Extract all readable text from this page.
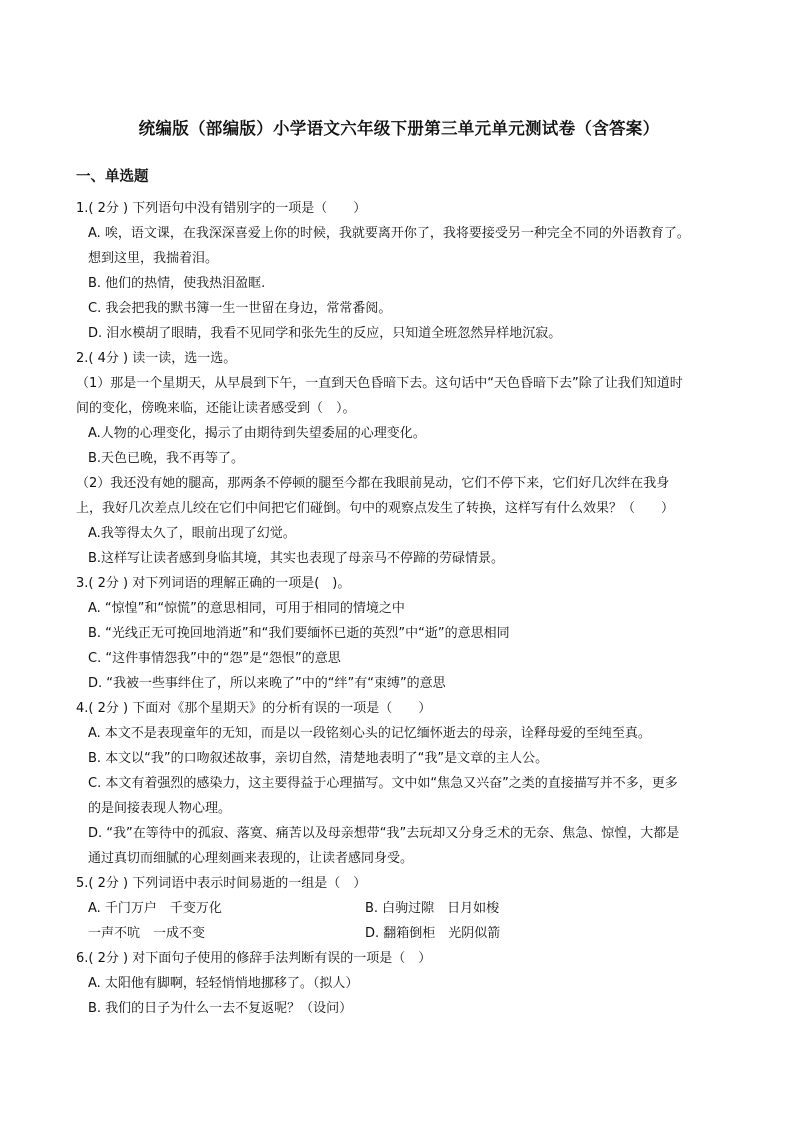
统编版（部编版）小学语文六年级下册第三单元单元测试卷（含答案）
一、单选题
1.( 2分 ) 下列语句中没有错别字的一项是（　　）
A. 唉，语文课，在我深深喜爱上你的时候，我就要离开你了，我将要接受另一种完全不同的外语教育了。
想到这里，我揣着泪。
B. 他们的热情，使我热泪盈眶.
C. 我会把我的默书簿一生一世留在身边，常常番阅。
D. 泪水模胡了眼睛，我看不见同学和张先生的反应，只知道全班忽然异样地沉寂。
2.( 4分 ) 读一读，选一选。
（1）那是一个星期天，从早晨到下午，一直到天色昏暗下去。这句话中“天色昏暗下去”除了让我们知道时
间的变化，傍晚来临，还能让读者感受到（　）。
A.人物的心理变化，揭示了由期待到失望委屈的心理变化。
B.天色已晚，我不再等了。
（2）我还没有她的腿高，那两条不停顿的腿至今都在我眼前晃动，它们不停下来，它们好几次绊在我身
上，我好几次差点儿绞在它们中间把它们碰倒。句中的观察点发生了转换，这样写有什么效果？（　　）
A.我等得太久了，眼前出现了幻觉。
B.这样写让读者感到身临其境，其实也表现了母亲马不停蹄的劳碌情景。
3.( 2分 ) 对下列词语的理解正确的一项是(　)。
A. “惊惶”和“惊慌”的意思相同，可用于相同的情境之中
B. “光线正无可挽回地消逝”和“我们要缅怀已逝的英烈”中“逝”的意思相同
C. “这件事情怨我”中的“怨”是“怨恨”的意思
D. “我被一些事绊住了，所以来晚了”中的“绊”有“束缚”的意思
4.( 2分 ) 下面对《那个星期天》的分析有误的一项是（　　）
A. 本文不是表现童年的无知，而是以一段铭刻心头的记忆缅怀逝去的母亲，诠释母爱的至纯至真。
B. 本文以“我”的口吻叙述故事，亲切自然，清楚地表明了“我”是文章的主人公。
C. 本文有着强烈的感染力，这主要得益于心理描写。文中如“焦急又兴奋”之类的直接描写并不多，更多
的是间接表现人物心理。
D. “我”在等待中的孤寂、落寞、痛苦以及母亲想带“我”去玩却又分身乏术的无奈、焦急、惊惶，大都是
通过真切而细腻的心理刻画来表现的，让读者感同身受。
5.( 2分 ) 下列词语中表示时间易逝的一组是（　）
A. 千门万户　千变万化	B. 白驹过隙　日月如梭
一声不吭　一成不变	D. 翻箱倒柜　光阴似箭
6.( 2分 ) 对下面句子使用的修辞手法判断有误的一项是（　）
A. 太阳他有脚啊，轻轻悄悄地挪移了。（拟人）
B. 我们的日子为什么一去不复返呢？（设问）
